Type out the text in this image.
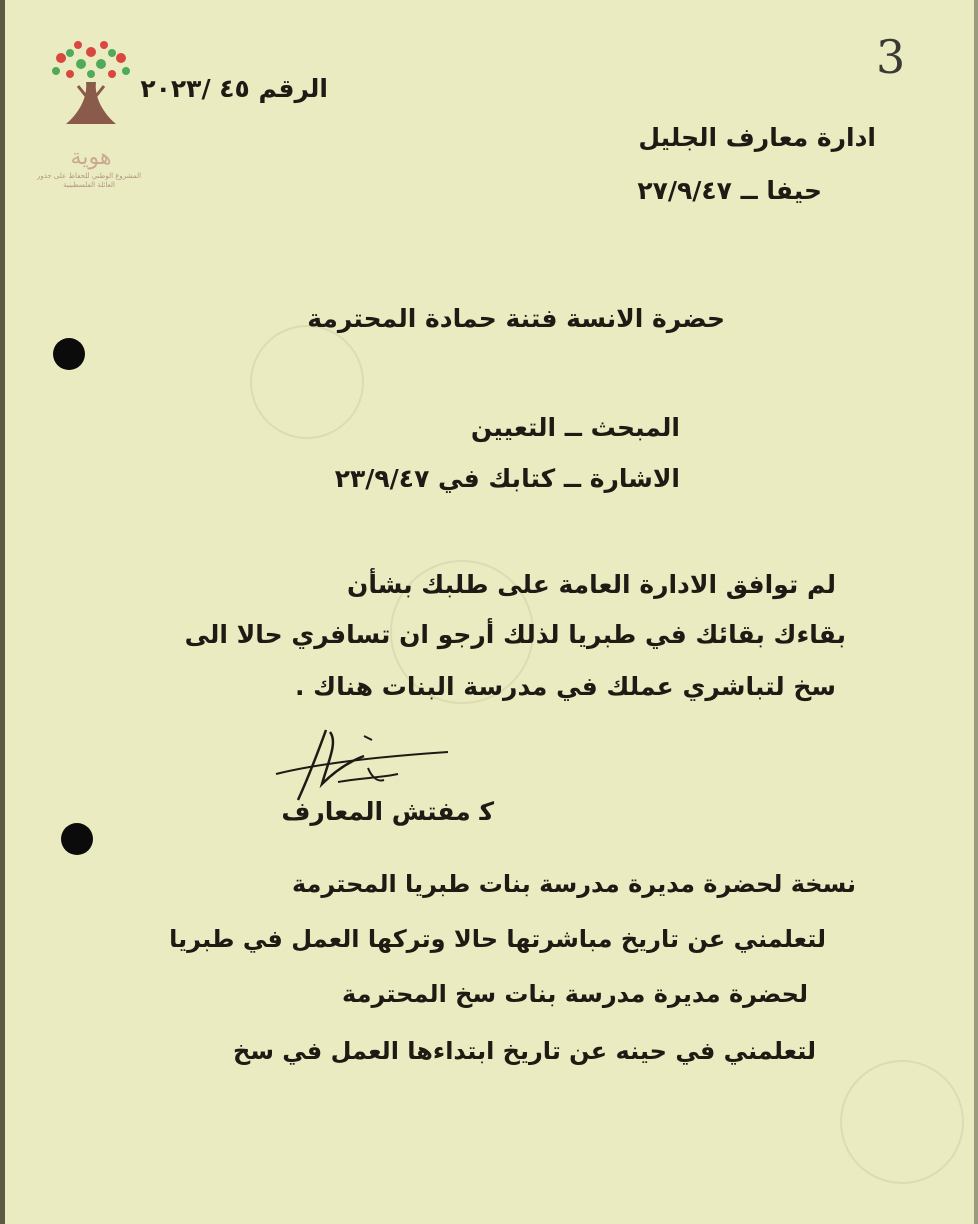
هوية
المشروع الوطني للحفاظ على جذور العائلة الفلسطينية
3
الرقم ٤٥ /٢٠٢٣
ادارة معارف الجليل
حيفا ــ ٢٧/٩/٤٧
حضرة الانسة فتنة حمادة المحترمة
المبحث ــ التعيين
الاشارة ــ كتابك في ٢٣/٩/٤٧
لم توافق الادارة العامة على طلبك بشأن
بقاءك بقائك في طبريا لذلك أرجو ان تسافري حالا الى
سخ لتباشري عملك في مدرسة البنات هناك .
ﻛ مفتش المعارف
نسخة لحضرة مديرة مدرسة بنات طبريا المحترمة
لتعلمني عن تاريخ مباشرتها حالا وتركها العمل في طبريا
لحضرة مديرة مدرسة بنات سخ المحترمة
لتعلمني في حينه عن تاريخ ابتداءها العمل في سخ
